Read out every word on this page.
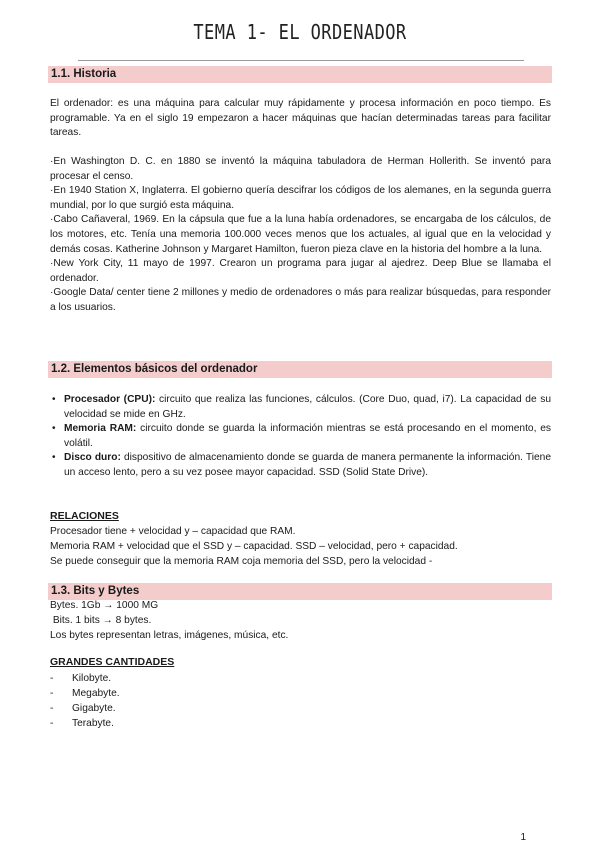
TEMA 1- EL ORDENADOR
1.1. Historia

El ordenador: es una máquina para calcular muy rápidamente y procesa información en poco tiempo. Es programable. Ya en el siglo 19 empezaron a hacer máquinas que hacían determinadas tareas para facilitar tareas.

·En Washington D. C. en 1880 se inventó la máquina tabuladora de Herman Hollerith. Se inventó para procesar el censo.
·En 1940 Station X, Inglaterra. El gobierno quería descifrar los códigos de los alemanes, en la segunda guerra mundial, por lo que surgió esta máquina.
·Cabo Cañaveral, 1969. En la cápsula que fue a la luna había ordenadores, se encargaba de los cálculos, de los motores, etc. Tenía una memoria 100.000 veces menos que los actuales, al igual que en la velocidad y demás cosas. Katherine Johnson y Margaret Hamilton, fueron pieza clave en la historia del hombre a la luna.
·New York City, 11 mayo de 1997. Crearon un programa para jugar al ajedrez. Deep Blue se llamaba el ordenador.
·Google Data/ center tiene 2 millones y medio de ordenadores o más para realizar búsquedas, para responder a los usuarios.
1.2. Elementos básicos del ordenador
• Procesador (CPU): circuito que realiza las funciones, cálculos. (Core Duo, quad, i7). La capacidad de su velocidad se mide en GHz.
• Memoria RAM: circuito donde se guarda la información mientras se está procesando en el momento, es volátil.
• Disco duro: dispositivo de almacenamiento donde se guarda de manera permanente la información. Tiene un acceso lento, pero a su vez posee mayor capacidad. SSD (Solid State Drive).
RELACIONES
Procesador tiene + velocidad y – capacidad que RAM.
Memoria RAM + velocidad que el SSD y – capacidad. SSD – velocidad, pero + capacidad.
Se puede conseguir que la memoria RAM coja memoria del SSD, pero la velocidad -
1.3. Bits y Bytes
Bytes. 1Gb → 1000 MG
Bits. 1 bits → 8 bytes.
Los bytes representan letras, imágenes, música, etc.
GRANDES CANTIDADES
- Kilobyte.
- Megabyte.
- Gigabyte.
- Terabyte.
1
